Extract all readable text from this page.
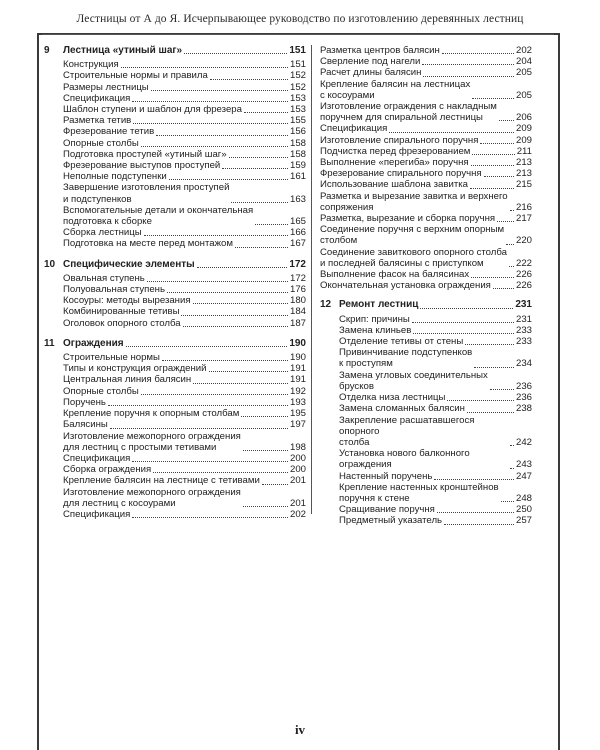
Лестницы от А до Я. Исчерпывающее руководство по изготовлению деревянных лестниц
9	Лестница «утиный шаг»	151
Конструкция	151
Строительные нормы и правила	152
Размеры лестницы	152
Спецификация	153
Шаблон ступени и шаблон для фрезера	153
Разметка тетив	155
Фрезерование тетив	156
Опорные столбы	158
Подготовка проступей «утиный шаг»	158
Фрезерование выступов проступей	159
Неполные подступенки	161
Завершение изготовления проступей
и подступенков	163
Вспомогательные детали и окончательная
подготовка к сборке	165
Сборка лестницы	166
Подготовка на месте перед монтажом	167
10 Специфические элементы	172
Овальная ступень	172
Полуовальная ступень	176
Косоуры: методы вырезания	180
Комбинированные тетивы	184
Оголовок опорного столба	187
11 Ограждения	190
Строительные нормы	190
Типы и конструкция ограждений	191
Центральная линия балясин	191
Опорные столбы	192
Поручень	193
Крепление поручня к опорным столбам	195
Балясины	197
Изготовление межопорного ограждения
для лестниц с простыми тетивами	198
Спецификация	200
Сборка ограждения	200
Крепление балясин на лестнице с тетивами	201
Изготовление межопорного ограждения
для лестниц с косоурами	201
Спецификация	202
Разметка центров балясин	202
Сверление под нагели	204
Расчет длины балясин	205
Крепление балясин на лестницах
с косоурами	205
Изготовление ограждения с накладным
поручнем для спиральной лестницы	206
Спецификация	209
Изготовление спирального поручня	209
Подчистка перед фрезерованием	211
Выполнение «перегиба» поручня	213
Фрезерование спирального поручня	213
Использование шаблона завитка	215
Разметка и вырезание завитка и верхнего
сопряжения	216
Разметка, вырезание и сборка поручня 217
Соединение поручня с верхним опорным
столбом	220
Соединение завиткового опорного столба
и последней балясины с приступком	222
Выполнение фасок на балясинах	226
Окончательная установка ограждения	226
12 Ремонт лестниц	231
Скрип: причины	231
Замена клиньев	233
Отделение тетивы от стены	233
Привинчивание подступенков
к проступям	234
Замена угловых соединительных
брусков	236
Отделка низа лестницы	236
Замена сломанных балясин	238
Закрепление расшатавшегося опорного
столба	242
Установка нового балконного ограждения	243
Настенный поручень	247
Крепление настенных кронштейнов
поручня к стене	248
Сращивание поручня	250
Предметный указатель	257
iv
